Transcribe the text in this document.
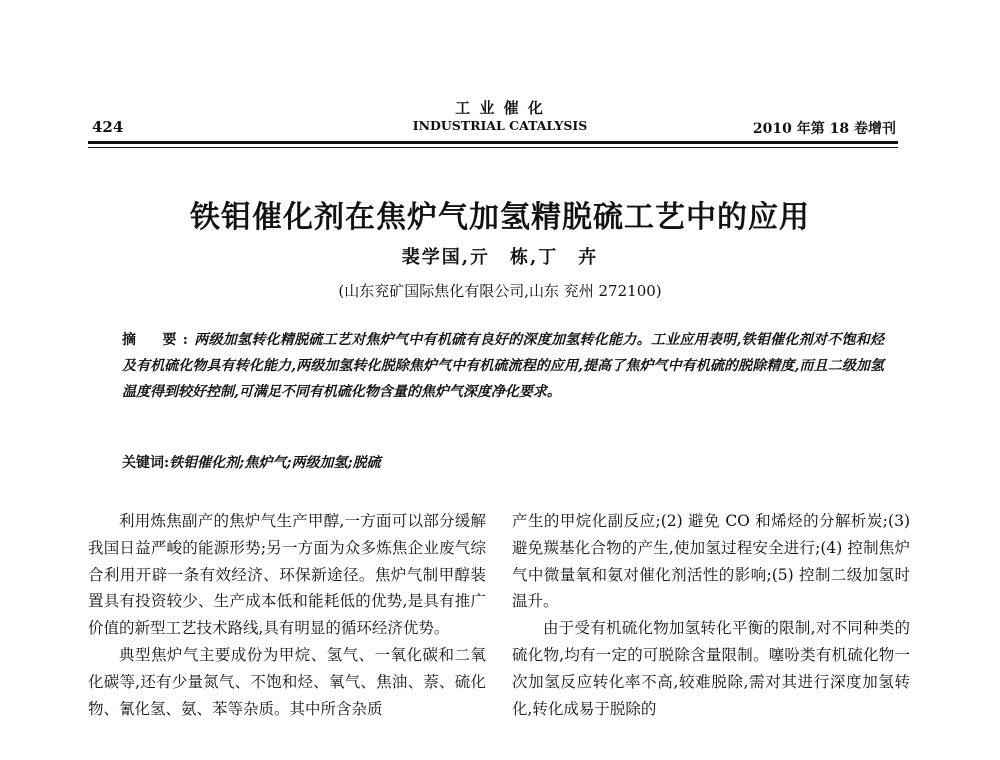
424
工 业 催 化
INDUSTRIAL CATALYSIS	2010 年第 18 卷增刊
铁钼催化剂在焦炉气加氢精脱硫工艺中的应用
裴学国,亓　栋,丁　卉
(山东兖矿国际焦化有限公司,山东 兖州 272100)
摘　要:两级加氢转化精脱硫工艺对焦炉气中有机硫有良好的深度加氢转化能力。工业应用表明,铁钼催化剂对不饱和烃及有机硫化物具有转化能力,两级加氢转化脱除焦炉气中有机硫流程的应用,提高了焦炉气中有机硫的脱除精度,而且二级加氢温度得到较好控制,可满足不同有机硫化物含量的焦炉气深度净化要求。
关键词:铁钼催化剂;焦炉气;两级加氢;脱硫

利用炼焦副产的焦炉气生产甲醇,一方面可以部分缓解我国日益严峻的能源形势;另一方面为众多炼焦企业废气综合利用开辟一条有效经济、环保新途径。焦炉气制甲醇装置具有投资较少、生产成本低和能耗低的优势,是具有推广价值的新型工艺技术路线,具有明显的循环经济优势。

典型焦炉气主要成份为甲烷、氢气、一氧化碳和二氧化碳等,还有少量氮气、不饱和烃、氧气、焦油、萘、硫化物、氰化氢、氨、苯等杂质。其中所含杂质

产生的甲烷化副反应;(2) 避免 CO 和烯烃的分解析炭;(3) 避免羰基化合物的产生,使加氢过程安全进行;(4) 控制焦炉气中微量氧和氨对催化剂活性的影响;(5) 控制二级加氢时温升。

由于受有机硫化物加氢转化平衡的限制,对不同种类的硫化物,均有一定的可脱除含量限制。噻吩类有机硫化物一次加氢反应转化率不高,较难脱除,需对其进行深度加氢转化,转化成易于脱除的
